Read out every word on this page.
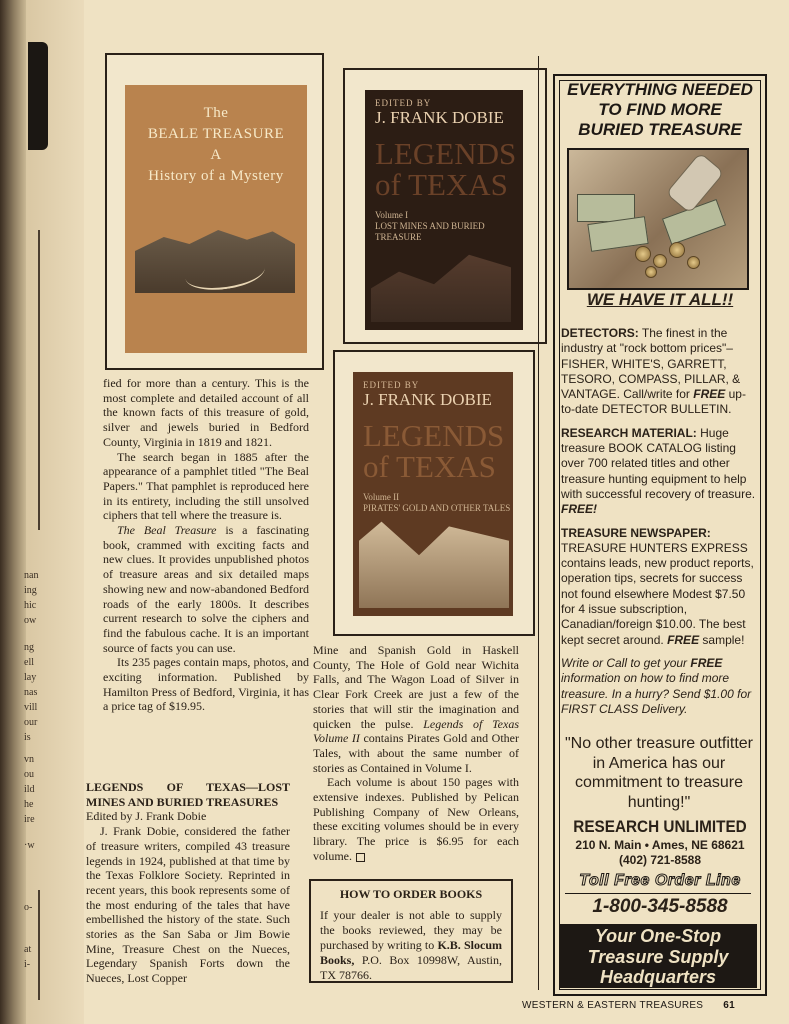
nan
ing
hic
ow
ng
ell
lay
nas
vill
our
is
vn
ou
ild
he
ire
·w
o-
at
i-
The
BEALE TREASURE
A
History of a Mystery
EDITED BY
J. FRANK DOBIE
LEGENDS
of TEXAS
Volume I
LOST MINES AND BURIED TREASURE
EDITED BY
J. FRANK DOBIE
LEGENDS
of TEXAS
Volume II
PIRATES' GOLD AND OTHER TALES

fied for more than a century. This is the most complete and detailed account of all the known facts of this treasure of gold, silver and jewels buried in Bedford County, Virginia in 1819 and 1821.

The search began in 1885 after the appearance of a pamphlet titled "The Beal Papers." That pamphlet is reproduced here in its entirety, including the still unsolved ciphers that tell where the treasure is.

The Beal Treasure is a fascinating book, crammed with exciting facts and new clues. It provides unpublished photos of treasure areas and six detailed maps showing new and now-abandoned Bedford roads of the early 1800s. It describes current research to solve the ciphers and find the fabulous cache. It is an important source of facts you can use.

Its 235 pages contain maps, photos, and exciting information. Published by Hamilton Press of Bedford, Virginia, it has a price tag of $19.95.

LEGENDS OF TEXAS—LOST MINES AND BURIED TREASURES
Edited by J. Frank Dobie

J. Frank Dobie, considered the father of treasure writers, compiled 43 treasure legends in 1924, published at that time by the Texas Folklore Society. Reprinted in recent years, this book represents some of the most enduring of the tales that have embellished the history of the state. Such stories as the San Saba or Jim Bowie Mine, Treasure Chest on the Nueces, Legendary Spanish Forts down the Nueces, Lost Copper

Mine and Spanish Gold in Haskell County, The Hole of Gold near Wichita Falls, and The Wagon Load of Silver in Clear Fork Creek are just a few of the stories that will stir the imagination and quicken the pulse. Legends of Texas Volume II contains Pirates Gold and Other Tales, with about the same number of stories as Contained in Volume I.

Each volume is about 150 pages with extensive indexes. Published by Pelican Publishing Company of New Orleans, these exciting volumes should be in every library. The price is $6.95 for each volume.

HOW TO ORDER BOOKS
If your dealer is not able to supply the books reviewed, they may be purchased by writing to K.B. Slocum Books, P.O. Box 10998W, Austin, TX 78766.
EVERYTHING NEEDED
TO FIND MORE
BURIED TREASURE
WE HAVE IT ALL!!

DETECTORS: The finest in the industry at "rock bottom prices"– FISHER, WHITE'S, GARRETT, TESORO, COMPASS, PILLAR, & VANTAGE. Call/write for FREE up-to-date DETECTOR BULLETIN.

RESEARCH MATERIAL: Huge treasure BOOK CATALOG listing over 700 related titles and other treasure hunting equipment to help with successful recovery of treasure. FREE!

TREASURE NEWSPAPER: TREASURE HUNTERS EXPRESS contains leads, new product reports, operation tips, secrets for success not found elsewhere Modest $7.50 for 4 issue subscription, Canadian/foreign $10.00. The best kept secret around. FREE sample!

Write or Call to get your FREE information on how to find more treasure. In a hurry? Send $1.00 for FIRST CLASS Delivery.

"No other treasure outfitter in America has our commitment to treasure hunting!"
RESEARCH UNLIMITED
210 N. Main • Ames, NE 68621
(402) 721-8588
Toll Free Order Line
1-800-345-8588
Your One-Stop
Treasure Supply
Headquarters
WESTERN & EASTERN TREASURES 61
